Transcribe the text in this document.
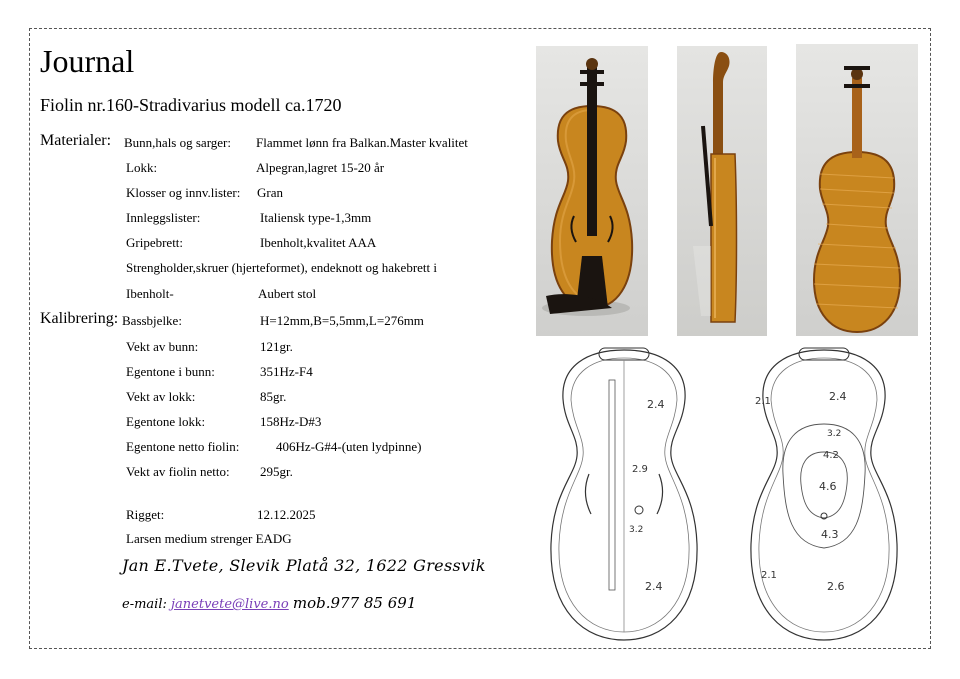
Journal
Fiolin nr.160-Stradivarius modell ca.1720
Materialer: Bunn,hals og sarger: Flammet lønn fra Balkan.Master kvalitet
Lokk:	Alpegran,lagret 15-20 år
Klosser og innv.lister: Gran
Innleggslister:	Italiensk type-1,3mm
Gripebrett:	Ibenholt,kvalitet AAA
Strengholder,skruer (hjerteformet), endeknott og hakebrett i
Ibenholt-	Aubert stol
Kalibrering: Bassbjelke:	H=12mm,B=5,5mm,L=276mm
Vekt av bunn:	121gr.
Egentone i bunn:	351Hz-F4
Vekt av lokk:	85gr.
Egentone lokk:	158Hz-D#3
Egentone netto fiolin:	406Hz-G#4-(uten lydpinne)
Vekt av fiolin netto: 295gr.
Rigget:	12.12.2025
Larsen medium strenger EADG
Jan E.Tvete, Slevik Platå 32, 1622 Gressvik
e-mail: janetvete@live.no mob.977 85 691
2.4
2.9
3.2
2.4
2.1	2.4
3.2
4.2
4.6
4.3
2.1
2.6
